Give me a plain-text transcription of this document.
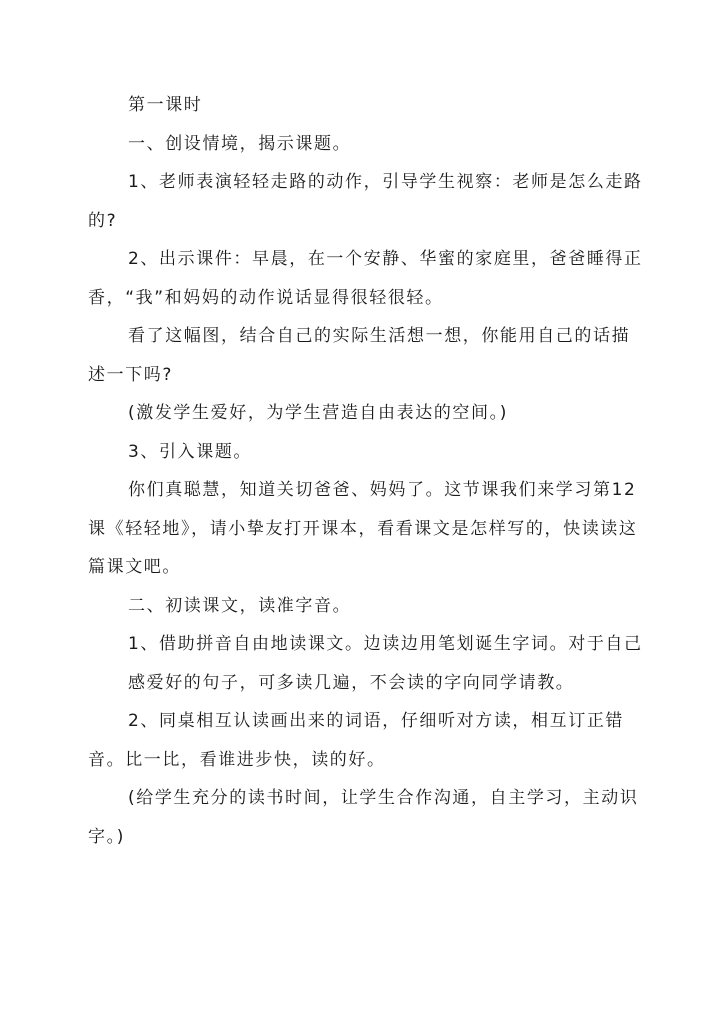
第一课时

一、创设情境，揭示课题。

1、老师表演轻轻走路的动作，引导学生视察：老师是怎么走路的?

2、出示课件：早晨，在一个安静、华蜜的家庭里，爸爸睡得正香，“我”和妈妈的动作说话显得很轻很轻。

看了这幅图，结合自己的实际生活想一想，你能用自己的话描述一下吗?

(激发学生爱好，为学生营造自由表达的空间。)

3、引入课题。

你们真聪慧，知道关切爸爸、妈妈了。这节课我们来学习第12课《轻轻地》，请小挚友打开课本，看看课文是怎样写的，快读读这篇课文吧。

二、初读课文，读准字音。

1、借助拼音自由地读课文。边读边用笔划诞生字词。对于自己

感爱好的句子，可多读几遍，不会读的字向同学请教。

2、同桌相互认读画出来的词语，仔细听对方读，相互订正错音。比一比，看谁进步快，读的好。

(给学生充分的读书时间，让学生合作沟通，自主学习，主动识字。)
